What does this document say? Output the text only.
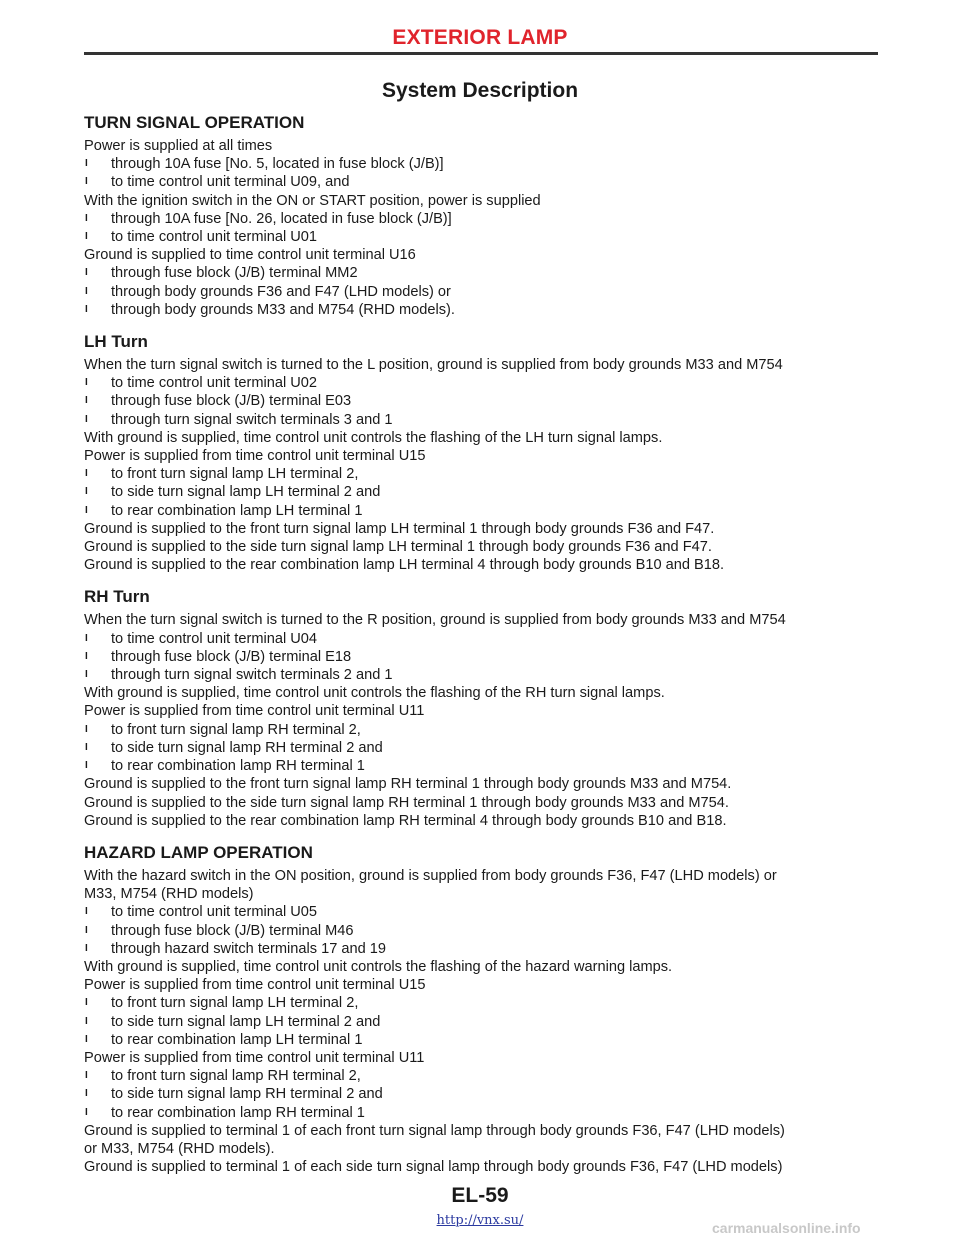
EXTERIOR LAMP
System Description
TURN SIGNAL OPERATION
Power is supplied at all times
I through 10A fuse [No. 5, located in fuse block (J/B)]
I to time control unit terminal U09, and
With the ignition switch in the ON or START position, power is supplied
I through 10A fuse [No. 26, located in fuse block (J/B)]
I to time control unit terminal U01
Ground is supplied to time control unit terminal U16
I through fuse block (J/B) terminal MM2
I through body grounds F36 and F47 (LHD models) or
I through body grounds M33 and M754 (RHD models).
LH Turn
When the turn signal switch is turned to the L position, ground is supplied from body grounds M33 and M754
I to time control unit terminal U02
I through fuse block (J/B) terminal E03
I through turn signal switch terminals 3 and 1
With ground is supplied, time control unit controls the flashing of the LH turn signal lamps.
Power is supplied from time control unit terminal U15
I to front turn signal lamp LH terminal 2,
I to side turn signal lamp LH terminal 2 and
I to rear combination lamp LH terminal 1
Ground is supplied to the front turn signal lamp LH terminal 1 through body grounds F36 and F47.
Ground is supplied to the side turn signal lamp LH terminal 1 through body grounds F36 and F47.
Ground is supplied to the rear combination lamp LH terminal 4 through body grounds B10 and B18.
RH Turn
When the turn signal switch is turned to the R position, ground is supplied from body grounds M33 and M754
I to time control unit terminal U04
I through fuse block (J/B) terminal E18
I through turn signal switch terminals 2 and 1
With ground is supplied, time control unit controls the flashing of the RH turn signal lamps.
Power is supplied from time control unit terminal U11
I to front turn signal lamp RH terminal 2,
I to side turn signal lamp RH terminal 2 and
I to rear combination lamp RH terminal 1
Ground is supplied to the front turn signal lamp RH terminal 1 through body grounds M33 and M754.
Ground is supplied to the side turn signal lamp RH terminal 1 through body grounds M33 and M754.
Ground is supplied to the rear combination lamp RH terminal 4 through body grounds B10 and B18.
HAZARD LAMP OPERATION
With the hazard switch in the ON position, ground is supplied from body grounds F36, F47 (LHD models) or
M33, M754 (RHD models)
I to time control unit terminal U05
I through fuse block (J/B) terminal M46
I through hazard switch terminals 17 and 19
With ground is supplied, time control unit controls the flashing of the hazard warning lamps.
Power is supplied from time control unit terminal U15
I to front turn signal lamp LH terminal 2,
I to side turn signal lamp LH terminal 2 and
I to rear combination lamp LH terminal 1
Power is supplied from time control unit terminal U11
I to front turn signal lamp RH terminal 2,
I to side turn signal lamp RH terminal 2 and
I to rear combination lamp RH terminal 1
Ground is supplied to terminal 1 of each front turn signal lamp through body grounds F36, F47 (LHD models)
or M33, M754 (RHD models).
Ground is supplied to terminal 1 of each side turn signal lamp through body grounds F36, F47 (LHD models)
EL-59
http://vnx.su/	carmanualsonline.info
